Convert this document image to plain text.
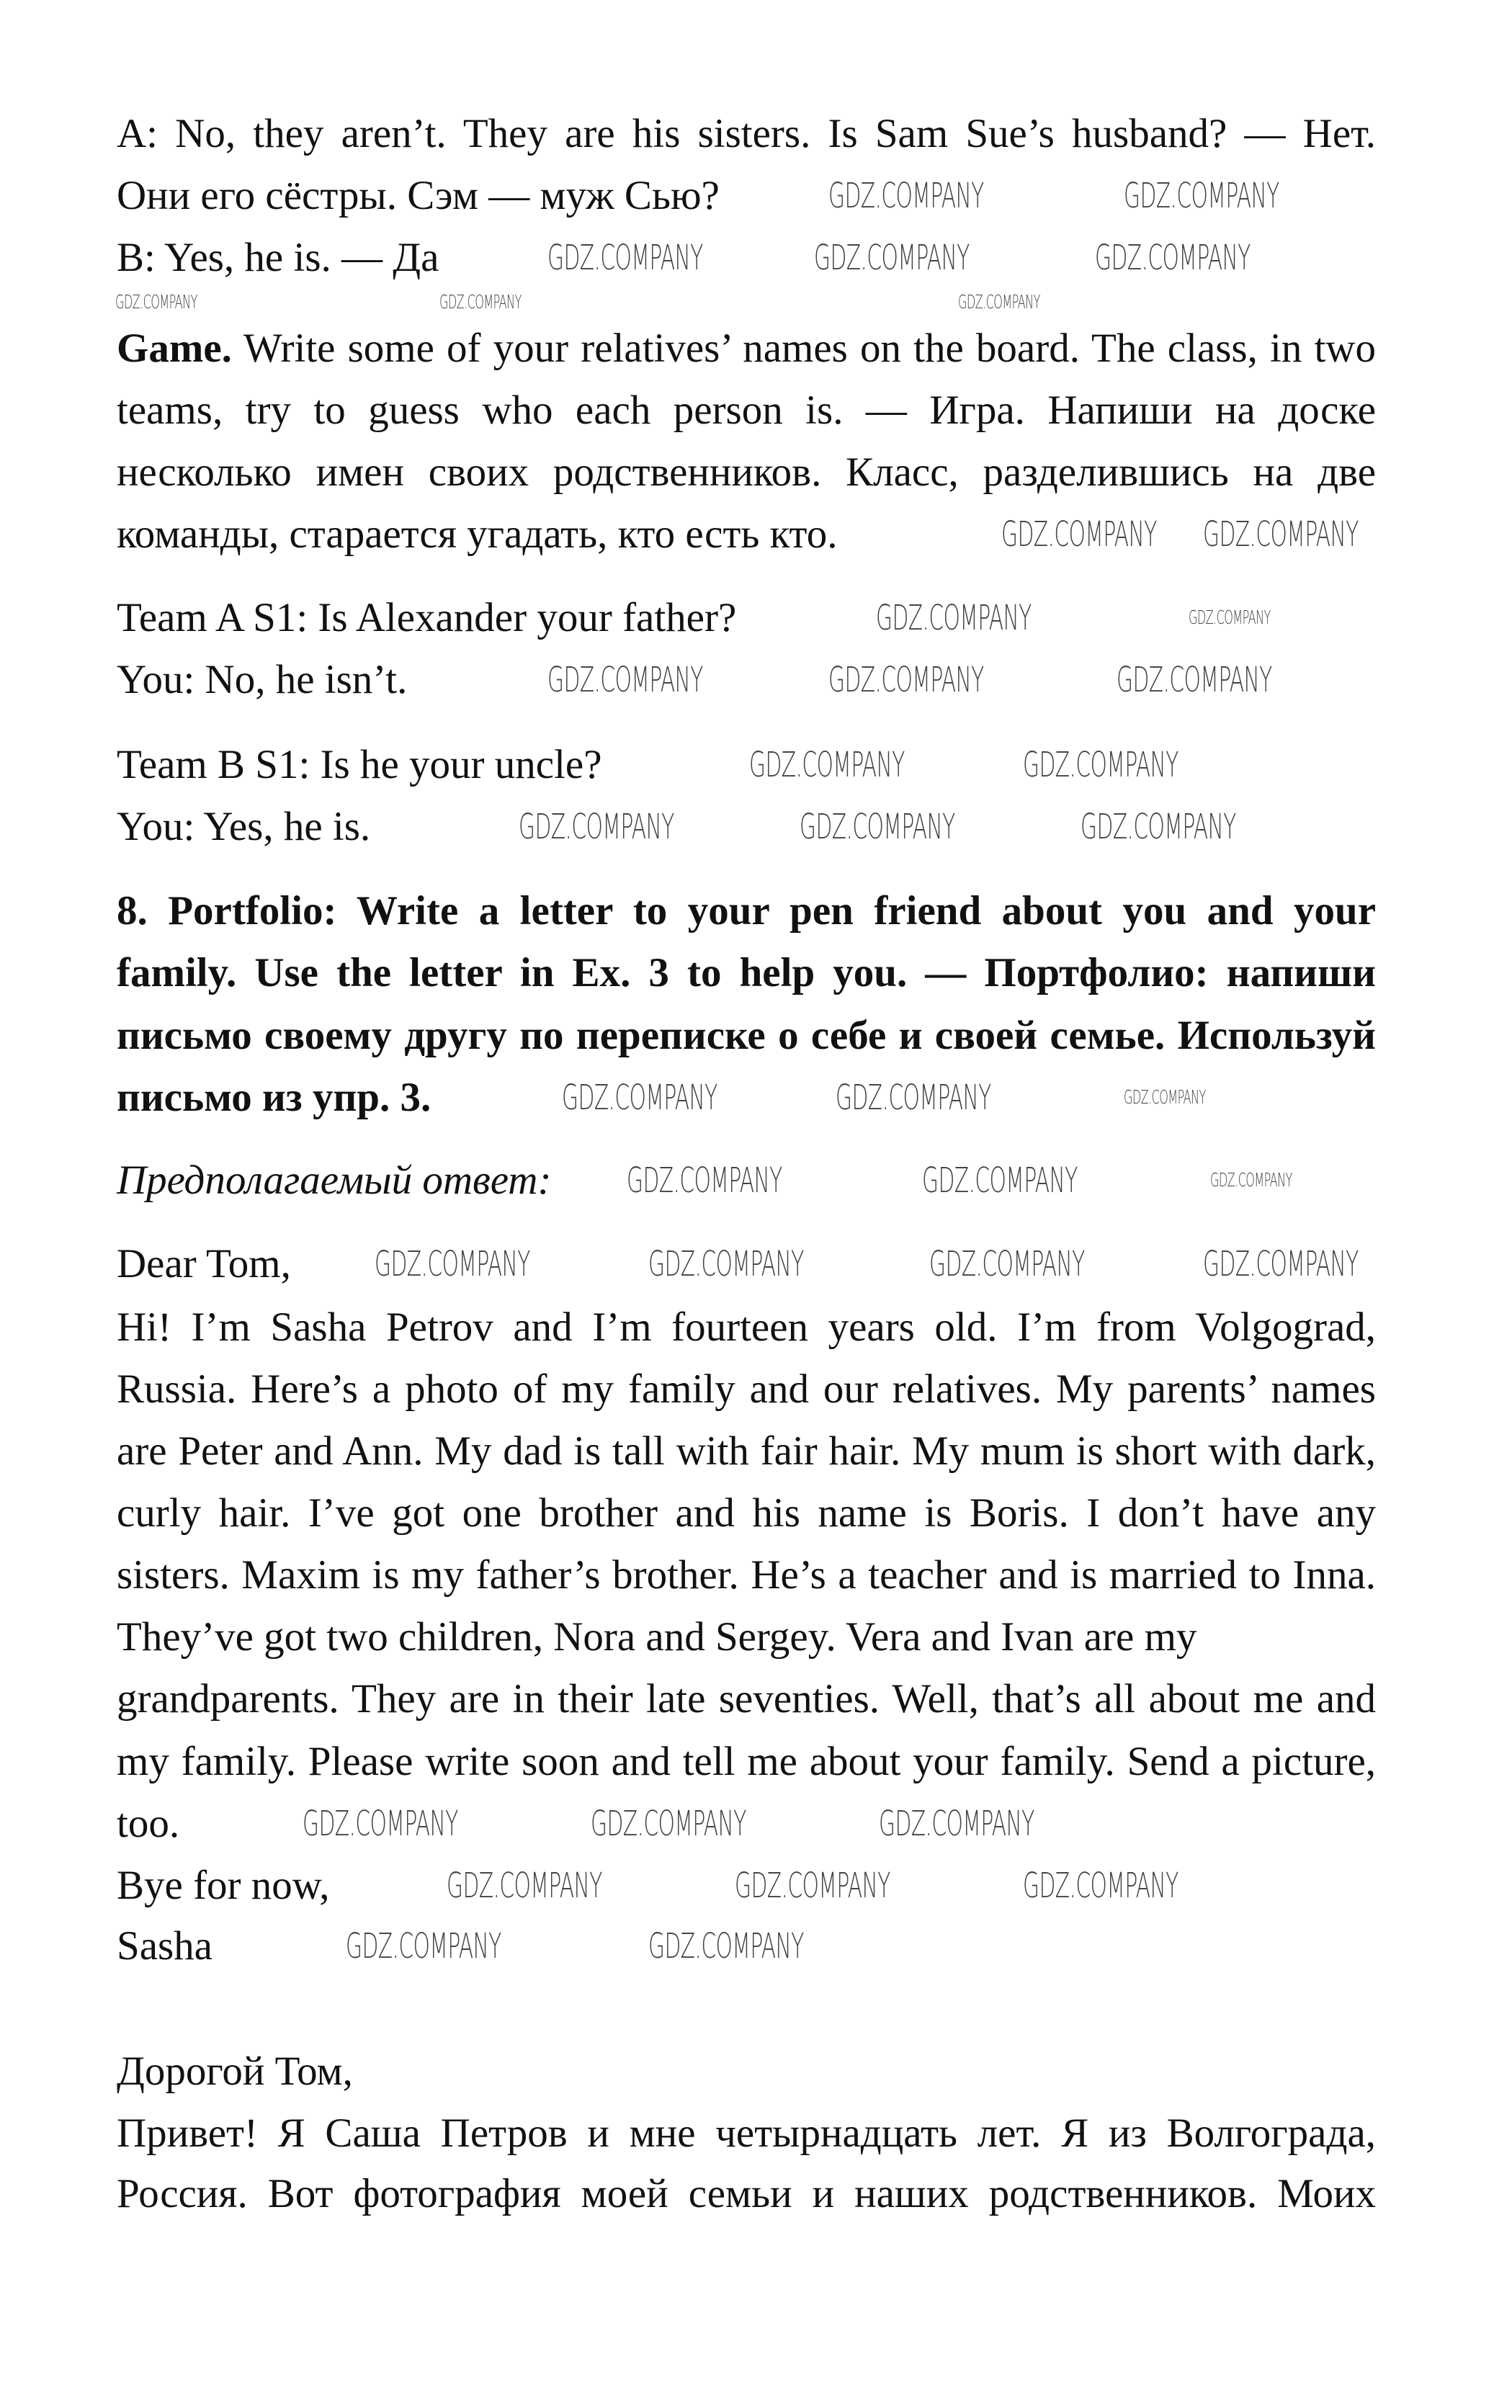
A: No, they aren’t. They are his sisters. Is Sam Sue’s husband? — Нет.
Они его сёстры. Сэм — муж Сью?
B: Yes, he is. — Да
Game. Write some of your relatives’ names on the board. The class, in two
teams, try to guess who each person is. — Игра. Напиши на доске
несколько имен своих родственников. Класс, разделившись на две
команды, старается угадать, кто есть кто.
Team A S1: Is Alexander your father?
You: No, he isn’t.
Team B S1: Is he your uncle?
You: Yes, he is.
8. Portfolio: Write a letter to your pen friend about you and your
family. Use the letter in Ex. 3 to help you. — Портфолио: напиши
письмо своему другу по переписке о себе и своей семье. Используй
письмо из упр. 3.
Предполагаемый ответ:
Dear Tom,
Hi! I’m Sasha Petrov and I’m fourteen years old. I’m from Volgograd,
Russia. Here’s a photo of my family and our relatives. My parents’ names
are Peter and Ann. My dad is tall with fair hair. My mum is short with dark,
curly hair. I’ve got one brother and his name is Boris. I don’t have any
sisters. Maxim is my father’s brother. He’s a teacher and is married to Inna.
They’ve got two children, Nora and Sergey. Vera and Ivan are my
grandparents. They are in their late seventies. Well, that’s all about me and
my family. Please write soon and tell me about your family. Send a picture,
too.
Bye for now,
Sasha
Дорогой Том,
Привет! Я Саша Петров и мне четырнадцать лет. Я из Волгограда,
Россия. Вот фотография моей семьи и наших родственников. Моих
GDZ.COMPANY	GDZ.COMPANY
GDZ.COMPANY	GDZ.COMPANY	GDZ.COMPANY
GDZ.COMPANY	GDZ.COMPANY	GDZ.COMPANY
GDZ.COMPANY GDZ.COMPANY
GDZ.COMPANY	GDZ.COMPANY
GDZ.COMPANY	GDZ.COMPANY	GDZ.COMPANY
GDZ.COMPANY	GDZ.COMPANY
GDZ.COMPANY	GDZ.COMPANY	GDZ.COMPANY
GDZ.COMPANY	GDZ.COMPANY	GDZ.COMPANY
GDZ.COMPANY	GDZ.COMPANY	GDZ.COMPANY
GDZ.COMPANY	GDZ.COMPANY	GDZ.COMPANY	GDZ.COMPANY
GDZ.COMPANY	GDZ.COMPANY	GDZ.COMPANY
GDZ.COMPANY	GDZ.COMPANY	GDZ.COMPANY
GDZ.COMPANY	GDZ.COMPANY
